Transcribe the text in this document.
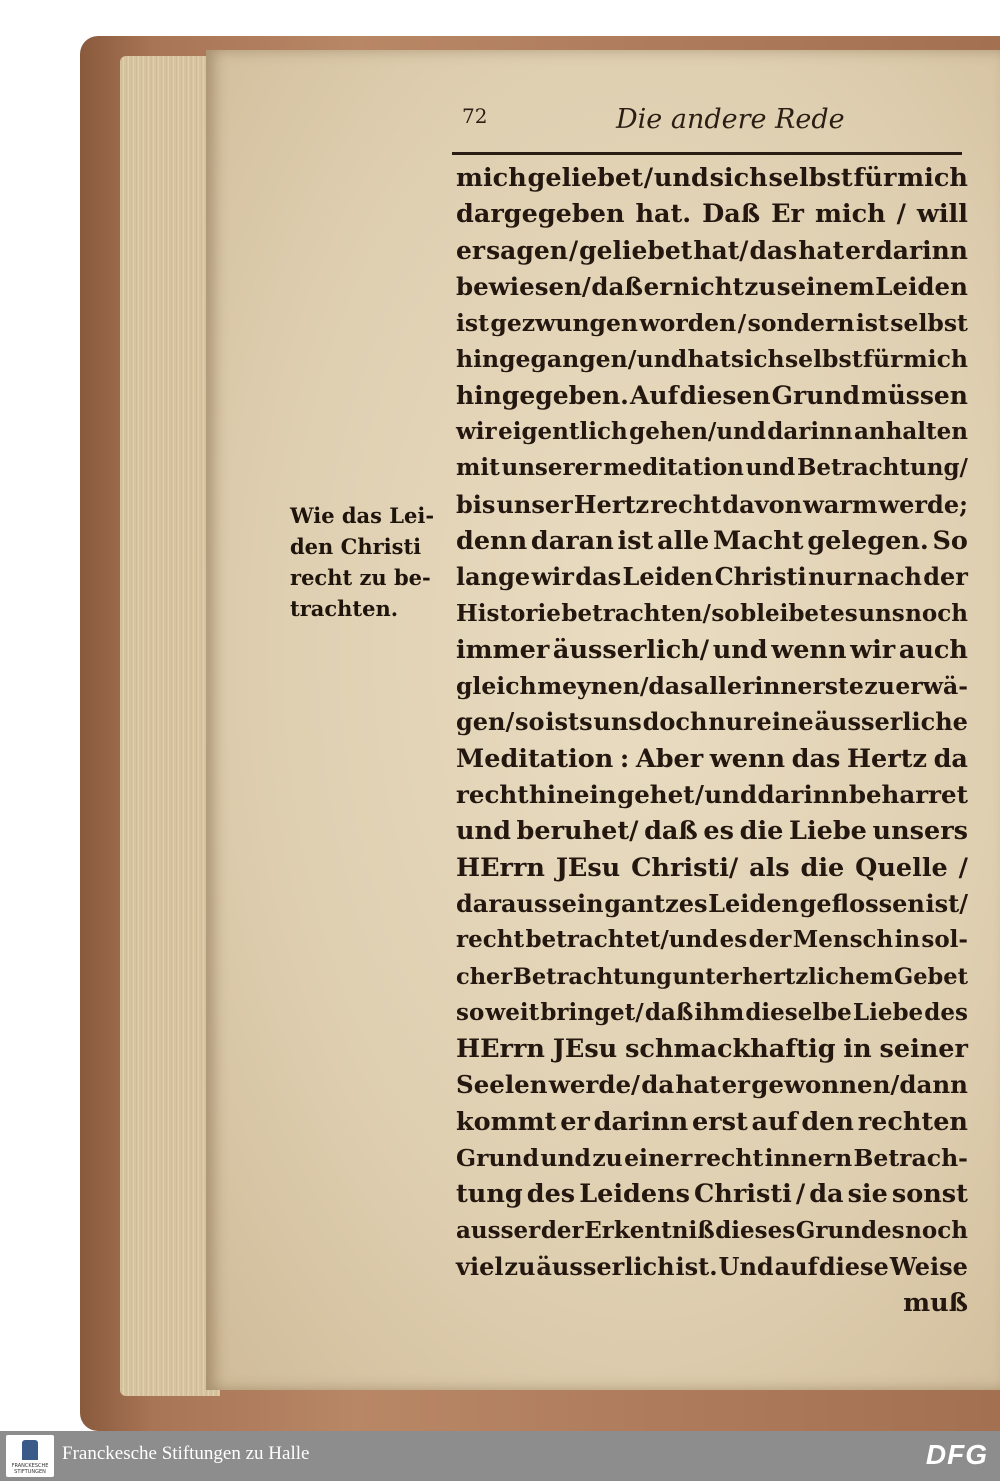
72	Die andere Rede
Wie das Lei-
den Christi
recht zu be-
trachten.
mich geliebet / und sich selbst für mich
dargegeben hat. Daß Er mich / will
er sagen / geliebet hat/ das hat er darinn
bewiesen/ daß er nicht zu seinem Leiden
ist gezwungen worden / sondern ist selbst
hingegangen/ und hat sich selbst für mich
hingegeben. Auf diesen Grund müssen
wir eigentlich gehen/und darinn anhalten
mit unserer meditation und Betrachtung/
bis unser Hertz recht davon warm werde;
denn daran ist alle Macht gelegen. So
lange wir das Leiden Christi nur nach der
Historie betrachten/ so bleibet es uns noch
immer äusserlich/ und wenn wir auch
gleich meynen/das allerinnerste zu erwä-
gen/ so ists uns doch nur eine äusserliche
Meditation : Aber wenn das Hertz da
recht hinein gehet / und darinn beharret
und beruhet/ daß es die Liebe unsers
HErrn JEsu Christi/ als die Quelle /
daraus sein gantzes Leiden geflossen ist/
recht betrachtet/und es der Mensch in sol-
cher Betrachtung unter hertzlichem Gebet
so weit bringet/ daß ihm dieselbe Liebe des
HErrn JEsu schmackhaftig in seiner
Seelen werde/ da hat er gewonnen/dann
kommt er darinn erst auf den rechten
Grund und zu einer recht innern Betrach-
tung des Leidens Christi / da sie sonst
ausser der Erkentniß dieses Grundes noch
viel zu äusserlich ist. Und auf diese Weise
muß
FRANCKESCHE STIFTUNGEN
Franckesche Stiftungen zu Halle	DFG
